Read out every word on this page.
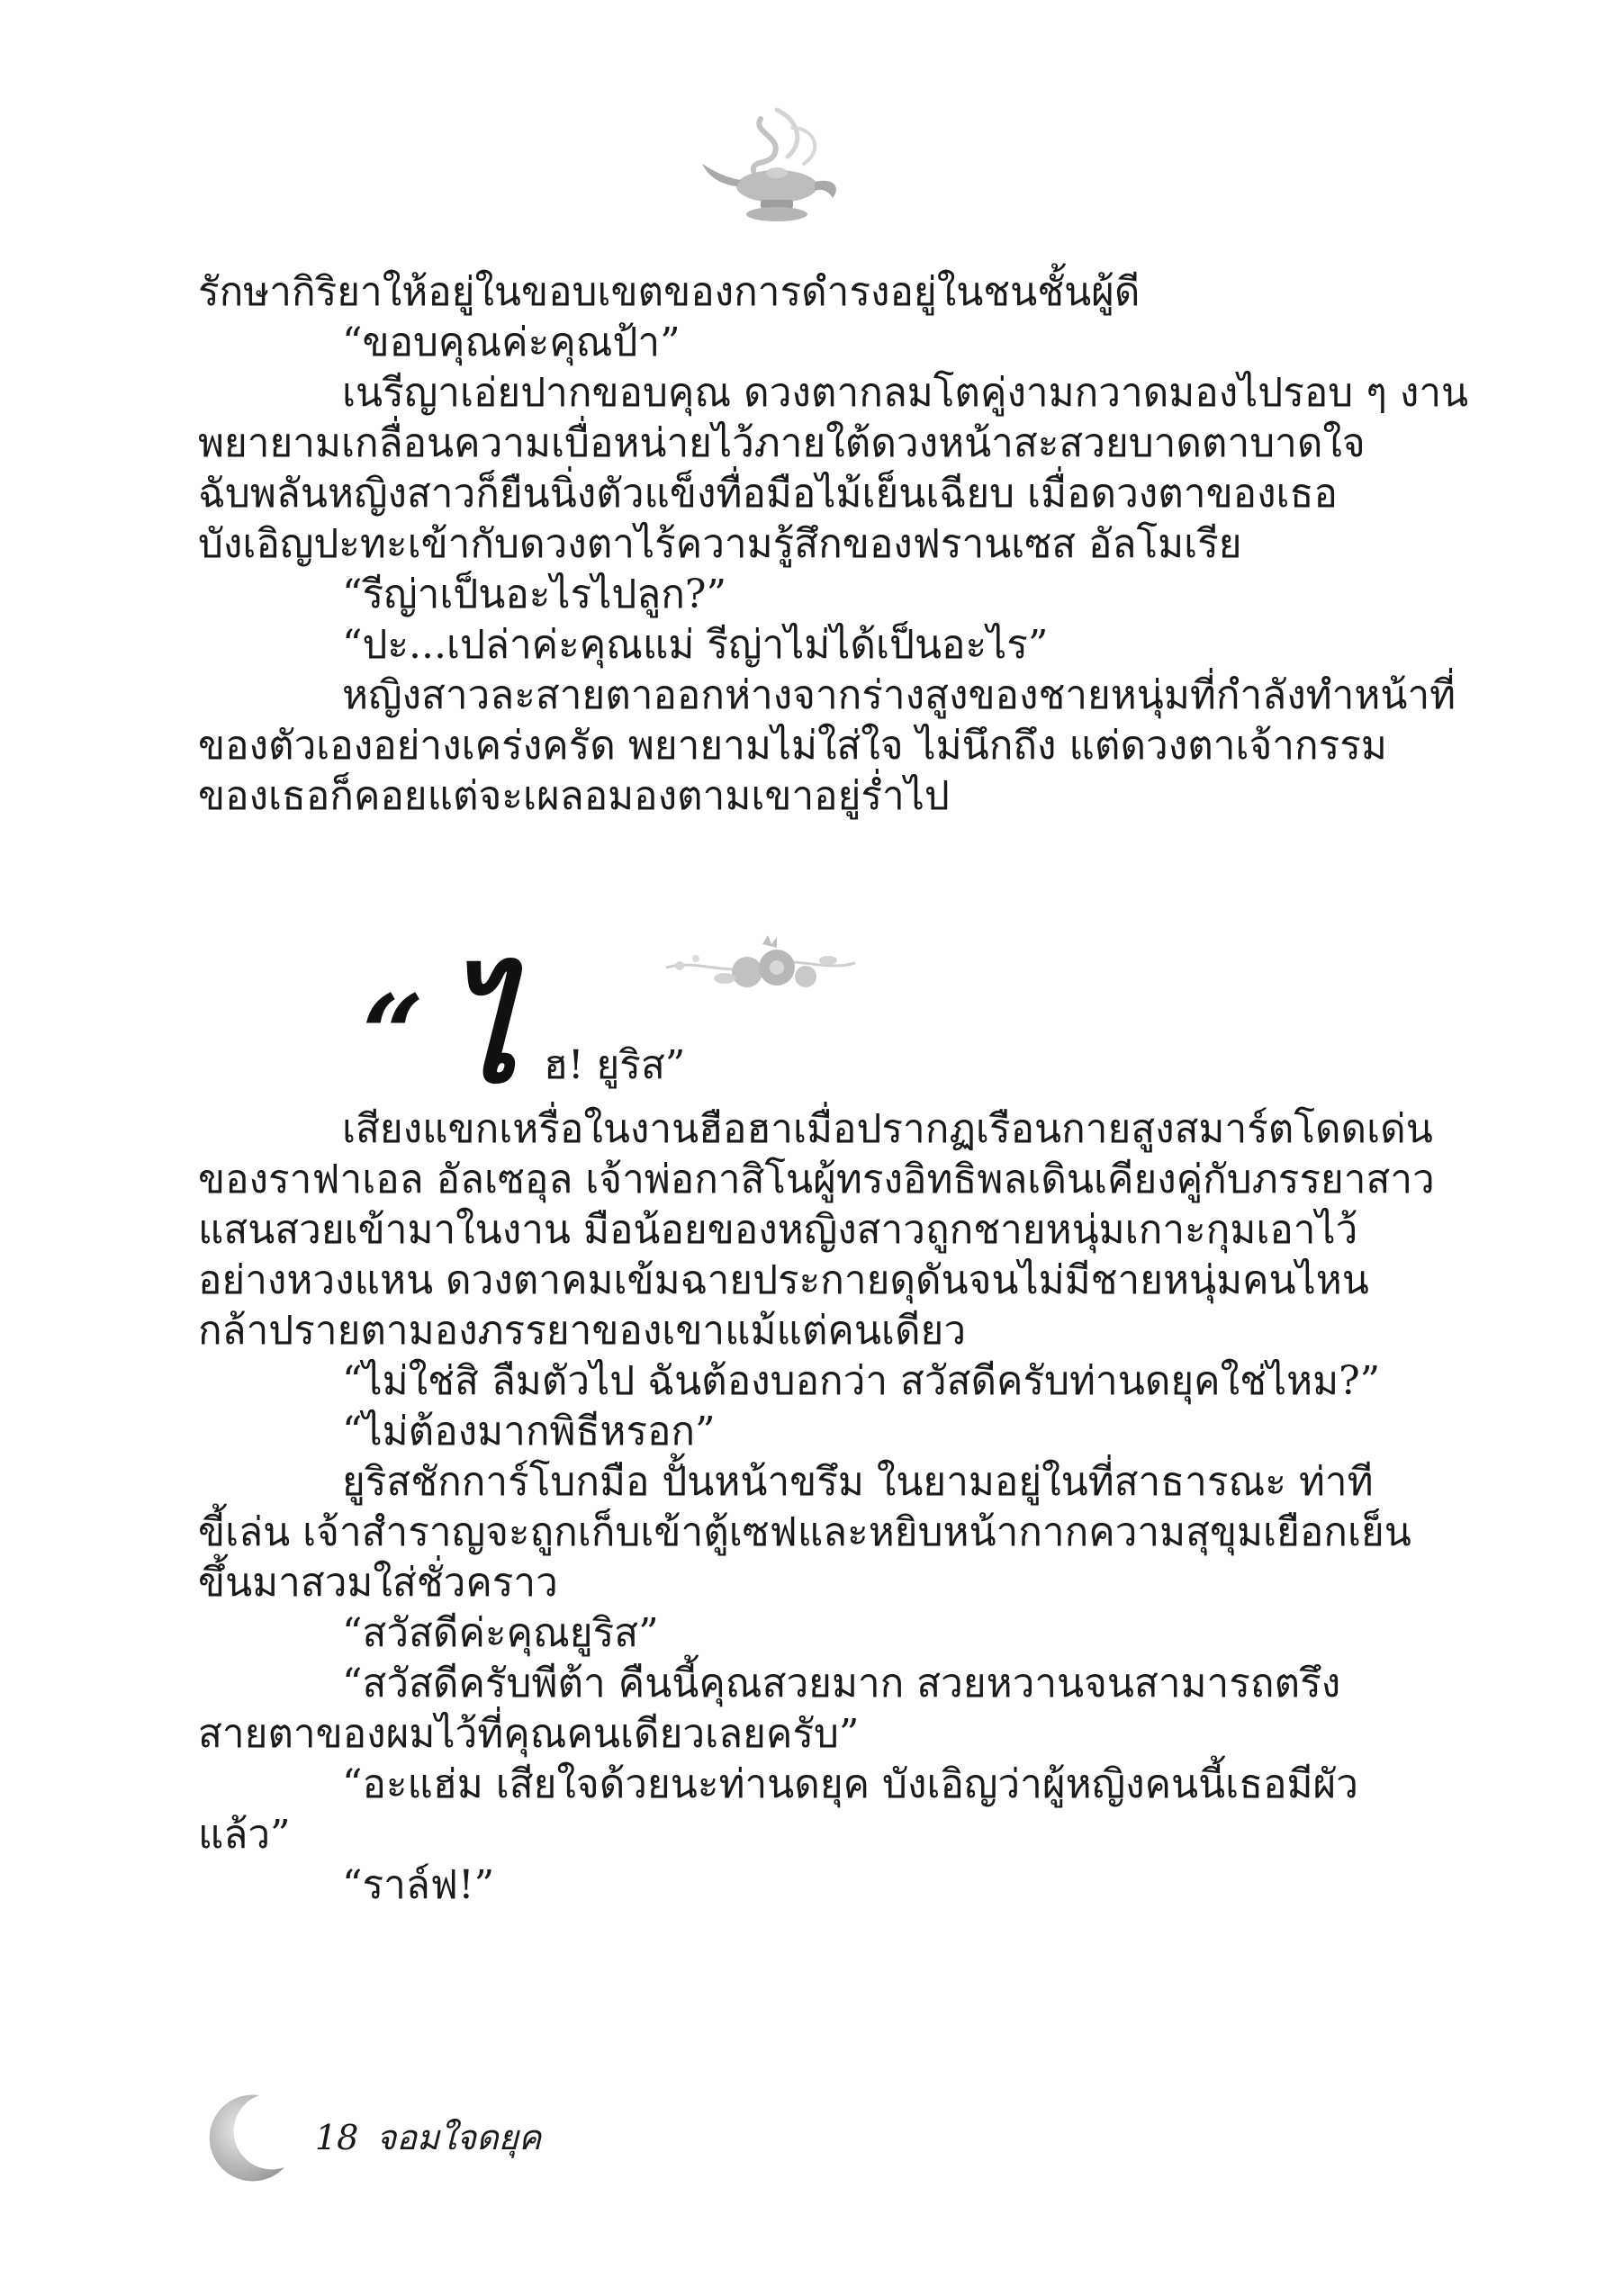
รักษากิริยาให้อยู่ในขอบเขตของการดำรงอยู่ในชนชั้นผู้ดี
“ขอบคุณค่ะคุณป้า”
เนรีญาเอ่ยปากขอบคุณ ดวงตากลมโตคู่งามกวาดมองไปรอบ ๆ งาน
พยายามเกลื่อนความเบื่อหน่ายไว้ภายใต้ดวงหน้าสะสวยบาดตาบาดใจ
ฉับพลันหญิงสาวก็ยืนนิ่งตัวแข็งทื่อมือไม้เย็นเฉียบ เมื่อดวงตาของเธอ
บังเอิญปะทะเข้ากับดวงตาไร้ความรู้สึกของฟรานเซส อัลโมเรีย
“รีญ่าเป็นอะไรไปลูก?”
“ปะ...เปล่าค่ะคุณแม่ รีญ่าไม่ได้เป็นอะไร”
หญิงสาวละสายตาออกห่างจากร่างสูงของชายหนุ่มที่กำลังทำหน้าที่
ของตัวเองอย่างเคร่งครัด พยายามไม่ใส่ใจ ไม่นึกถึง แต่ดวงตาเจ้ากรรม
ของเธอก็คอยแต่จะเผลอมองตามเขาอยู่ร่ำไป
“ ไ ฮ! ยูริส”
เสียงแขกเหรื่อในงานฮือฮาเมื่อปรากฏเรือนกายสูงสมาร์ตโดดเด่น
ของราฟาเอล อัลเซอุล เจ้าพ่อกาสิโนผู้ทรงอิทธิพลเดินเคียงคู่กับภรรยาสาว
แสนสวยเข้ามาในงาน มือน้อยของหญิงสาวถูกชายหนุ่มเกาะกุมเอาไว้
อย่างหวงแหน ดวงตาคมเข้มฉายประกายดุดันจนไม่มีชายหนุ่มคนไหน
กล้าปรายตามองภรรยาของเขาแม้แต่คนเดียว
“ไม่ใช่สิ ลืมตัวไป ฉันต้องบอกว่า สวัสดีครับท่านดยุคใช่ไหม?”
“ไม่ต้องมากพิธีหรอก”
ยูริสชักการ์โบกมือ ปั้นหน้าขรึม ในยามอยู่ในที่สาธารณะ ท่าที
ขี้เล่น เจ้าสำราญจะถูกเก็บเข้าตู้เซฟและหยิบหน้ากากความสุขุมเยือกเย็น
ขึ้นมาสวมใส่ชั่วคราว
“สวัสดีค่ะคุณยูริส”
“สวัสดีครับพีต้า คืนนี้คุณสวยมาก สวยหวานจนสามารถตรึง
สายตาของผมไว้ที่คุณคนเดียวเลยครับ”
“อะแฮ่ม เสียใจด้วยนะท่านดยุค บังเอิญว่าผู้หญิงคนนี้เธอมีผัว
แล้ว”
“ราล์ฟ!”
18 จอมใจดยุค
